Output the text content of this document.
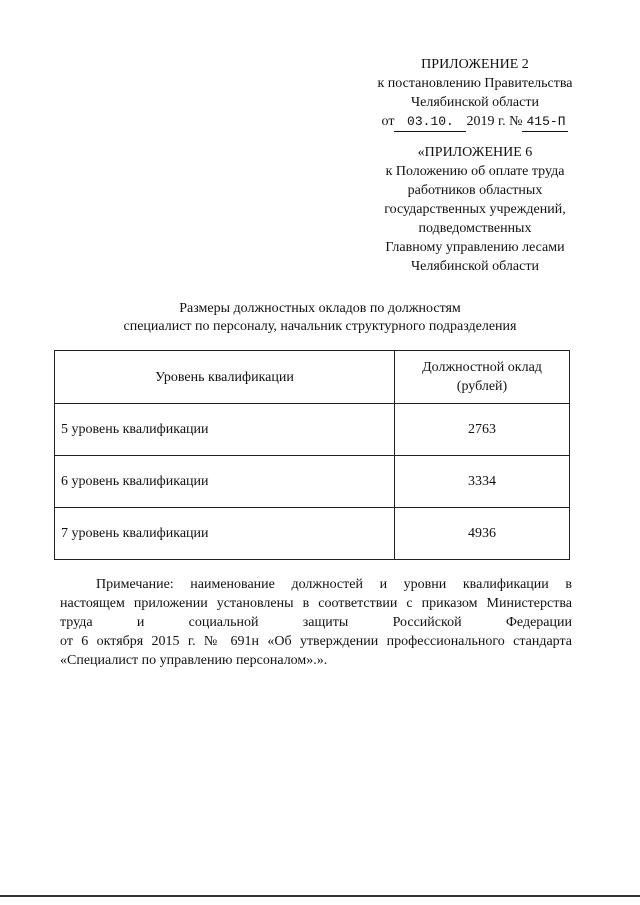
ПРИЛОЖЕНИЕ 2
к постановлению Правительства
Челябинской области
от 03.10. 2019 г. № 415-П
«ПРИЛОЖЕНИЕ 6
к Положению об оплате труда
работников областных
государственных учреждений,
подведомственных
Главному управлению лесами
Челябинской области
Размеры должностных окладов по должностям
специалист по персоналу, начальник структурного подразделения
Уровень квалификации	Должностной оклад
(рублей)

5 уровень квалификации	2763
6 уровень квалификации	3334
7 уровень квалификации	4936
Примечание: наименование должностей и уровни квалификации в
настоящем приложении установлены в соответствии с приказом Министерства
труда и социальной защиты Российской Федерации
от 6 октября 2015 г. № 691н «Об утверждении профессионального стандарта
«Специалист по управлению персоналом».».
